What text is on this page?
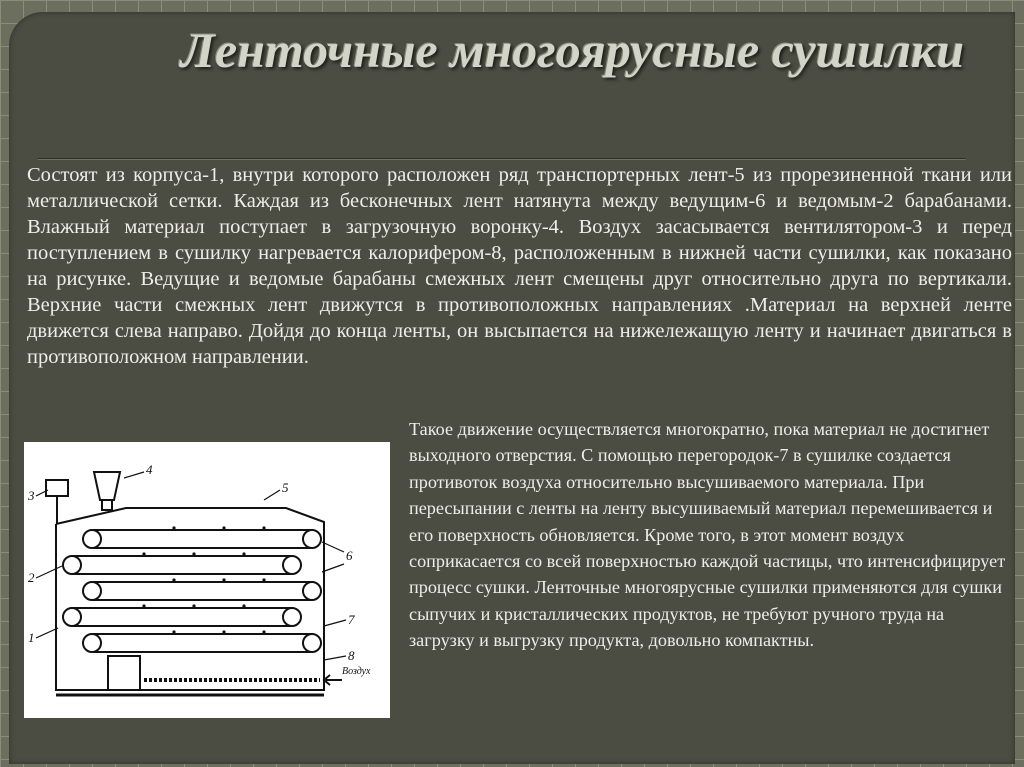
Ленточные многоярусные сушилки

Состоят из корпуса-1, внутри которого расположен ряд транспортерных лент-5 из прорезиненной ткани или металлической сетки. Каждая из бесконечных лент натянута между ведущим-6 и ведомым-2 барабанами. Влажный материал поступает в загрузочную воронку-4. Воздух засасывается вентилятором-3 и перед поступлением в сушилку нагревается калорифером-8, расположенным в нижней части сушилки, как показано на рисунке. Ведущие и ведомые барабаны смежных лент смещены друг относительно друга по вертикали. Верхние части смежных лент движутся в противоположных направлениях .Материал на верхней ленте движется слева направо. Дойдя до конца ленты, он высыпается на нижележащую ленту и начинает двигаться в противоположном направлении.

3
4
5
6
2
7
8
1
Воздух

Такое движение осуществляется многократно, пока материал не достигнет выходного отверстия. С помощью перегородок-7 в сушилке создается противоток воздуха относительно высушиваемого материала. При пересыпании с ленты на ленту высушиваемый материал перемешивается и его поверхность обновляется. Кроме того, в этот момент воздух соприкасается со всей поверхностью каждой частицы, что интенсифицирует процесс сушки. Ленточные многоярусные сушилки применяются для сушки сыпучих и кристаллических продуктов, не требуют ручного труда на загрузку и выгрузку продукта, довольно компактны.
